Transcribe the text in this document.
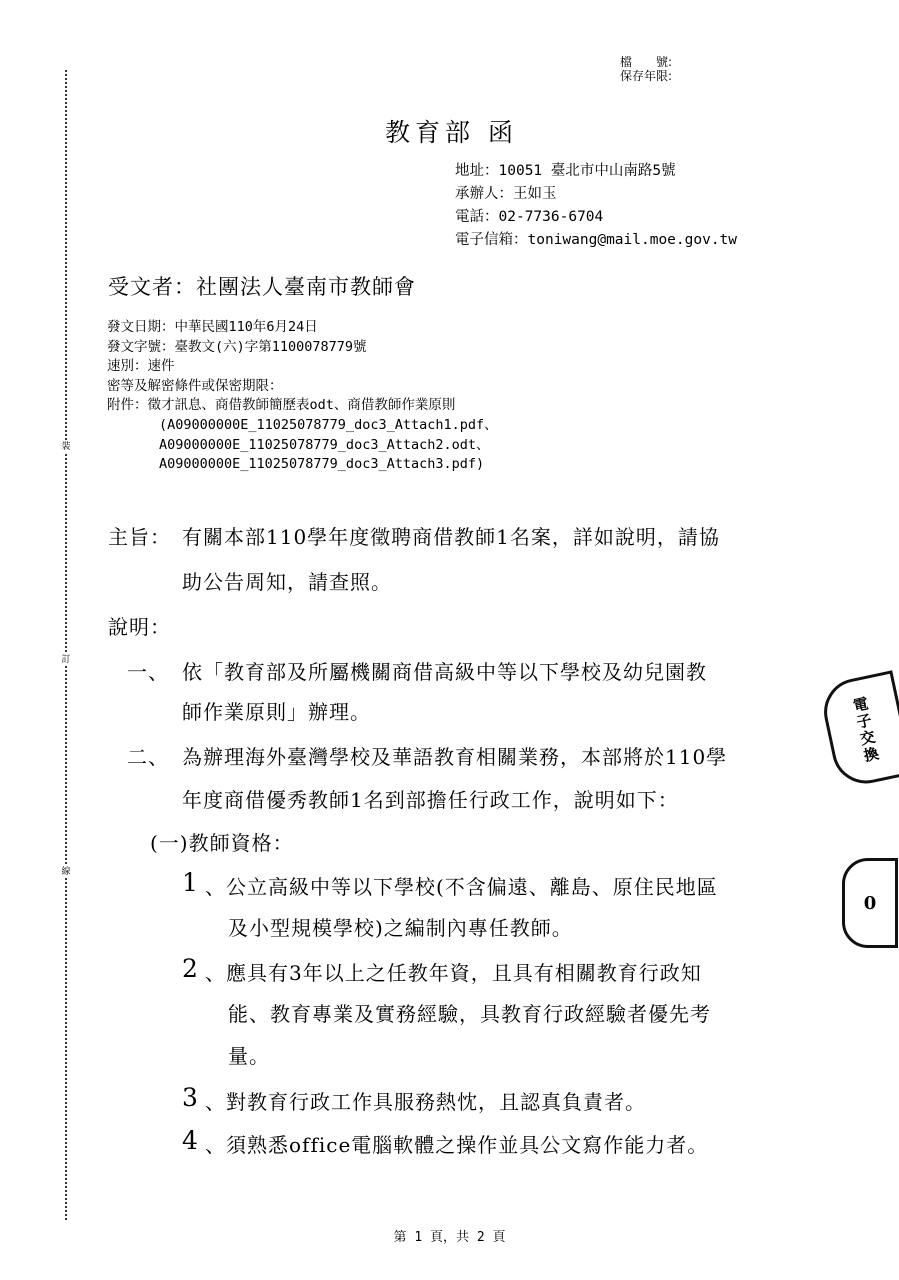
裝
訂
線
檔　　號:
保存年限:
教育部 函
地址：10051 臺北市中山南路5號
承辦人：王如玉
電話：02-7736-6704
電子信箱：toniwang@mail.moe.gov.tw
受文者：社團法人臺南市教師會
發文日期：中華民國110年6月24日
發文字號：臺教文(六)字第1100078779號
速別：速件
密等及解密條件或保密期限：
附件：徵才訊息、商借教師簡歷表odt、商借教師作業原則
(A09000000E_11025078779_doc3_Attach1.pdf、
A09000000E_11025078779_doc3_Attach2.odt、
A09000000E_11025078779_doc3_Attach3.pdf)
主旨： 有關本部110學年度徵聘商借教師1名案，詳如說明，請協
助公告周知，請查照。
說明：
一、 依「教育部及所屬機關商借高級中等以下學校及幼兒園教
師作業原則」辦理。
二、 為辦理海外臺灣學校及華語教育相關業務，本部將於110學
年度商借優秀教師1名到部擔任行政工作，說明如下：
(一)教師資格：
1 、公立高級中等以下學校(不含偏遠、離島、原住民地區
及小型規模學校)之編制內專任教師。
2 、應具有3年以上之任教年資，且具有相關教育行政知
能、教育專業及實務經驗，具教育行政經驗者優先考
量。
3 、對教育行政工作具服務熱忱，且認真負責者。
4 、須熟悉office電腦軟體之操作並具公文寫作能力者。
電子交換
0
第 1 頁，共 2 頁
